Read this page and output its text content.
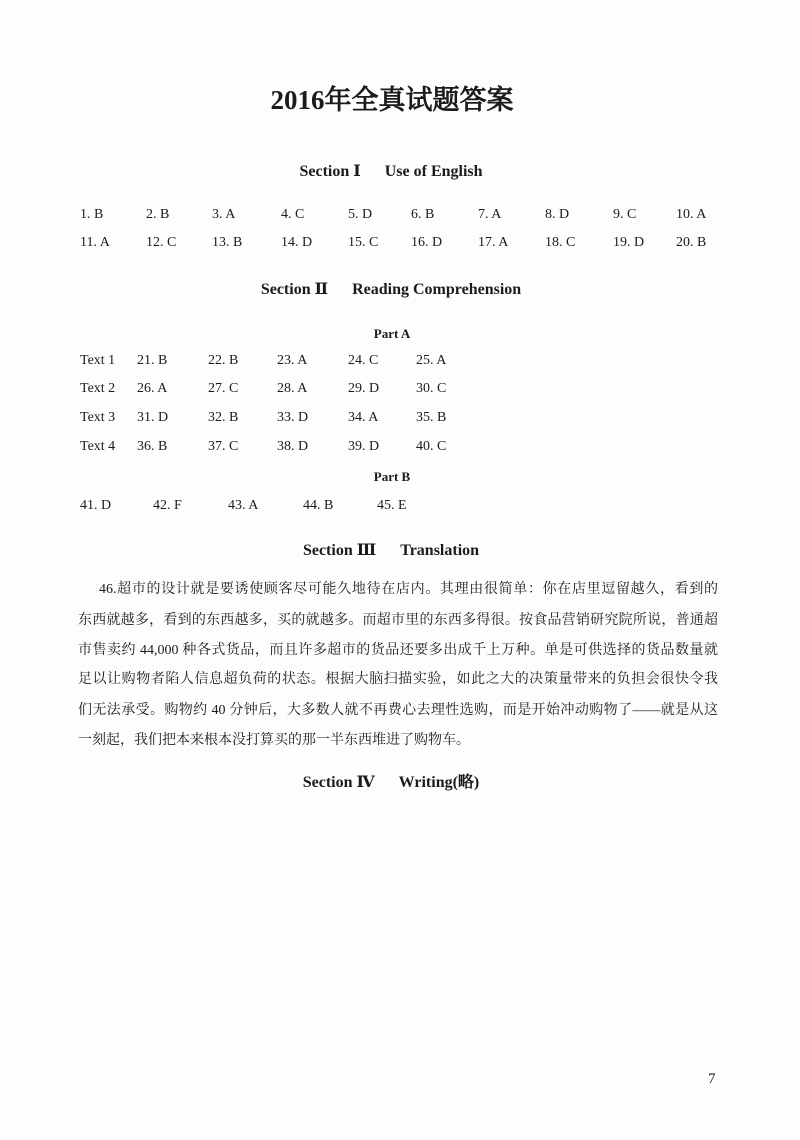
2016年全真试题答案
Section Ⅰ Use of English
1. B	2. B	3. A	4. C	5. D	6. B	7. A	8. D	9. C	10. A
11. A	12. C	13. B	14. D	15. C 16. D	17. A	18. C	19. D 20. B
Section Ⅱ Reading Comprehension
Part A
Text 1 21. B	22. B	23. A	24. C	25. A
Text 2 26. A	27. C	28. A	29. D	30. C
Text 3 31. D	32. B	33. D	34. A	35. B
Text 4 36. B	37. C	38. D	39. D	40. C
Part B
41. D	42. F	43. A	44. B	45. E
Section Ⅲ Translation
46.超市的设计就是要诱使顾客尽可能久地待在店内。其理由很简单：你在店里逗留越久，看到的
东西就越多，看到的东西越多，买的就越多。而超市里的东西多得很。按食品营销研究院所说，普通超
市售卖约 44,000 种各式货品，而且许多超市的货品还要多出成千上万种。单是可供选择的货品数量就
足以让购物者陷人信息超负荷的状态。根据大脑扫描实验，如此之大的决策量带来的负担会很快令我
们无法承受。购物约 40 分钟后，大多数人就不再费心去理性选购，而是开始冲动购物了——就是从这
一刻起，我们把本来根本没打算买的那一半东西堆进了购物车。
Section Ⅳ Writing(略)
7
